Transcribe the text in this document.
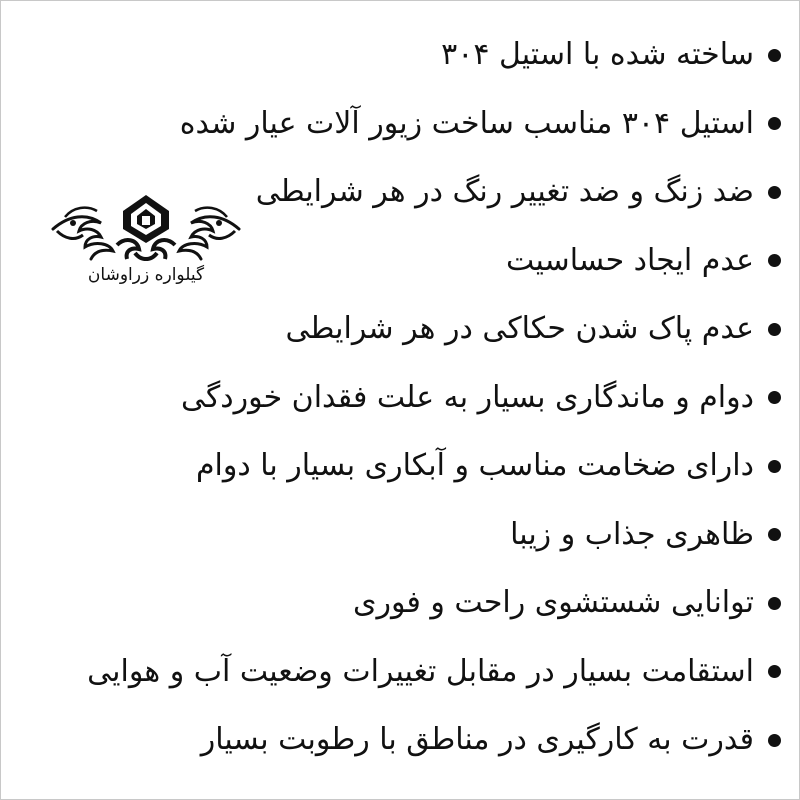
گیلواره زراوشان
ساخته شده با استیل ۳۰۴
استیل ۳۰۴ مناسب ساخت زیور آلات عیار شده
ضد زنگ و ضد تغییر رنگ در هر شرایطی
عدم ایجاد حساسیت
عدم پاک شدن حکاکی در هر شرایطی
دوام و ماندگاری بسیار به علت فقدان خوردگی
دارای ضخامت مناسب و آبکاری بسیار با دوام
ظاهری جذاب و زیبا
توانایی شستشوی راحت و فوری
استقامت بسیار در مقابل تغییرات وضعیت آب و هوایی
قدرت به کارگیری در مناطق با رطوبت بسیار
